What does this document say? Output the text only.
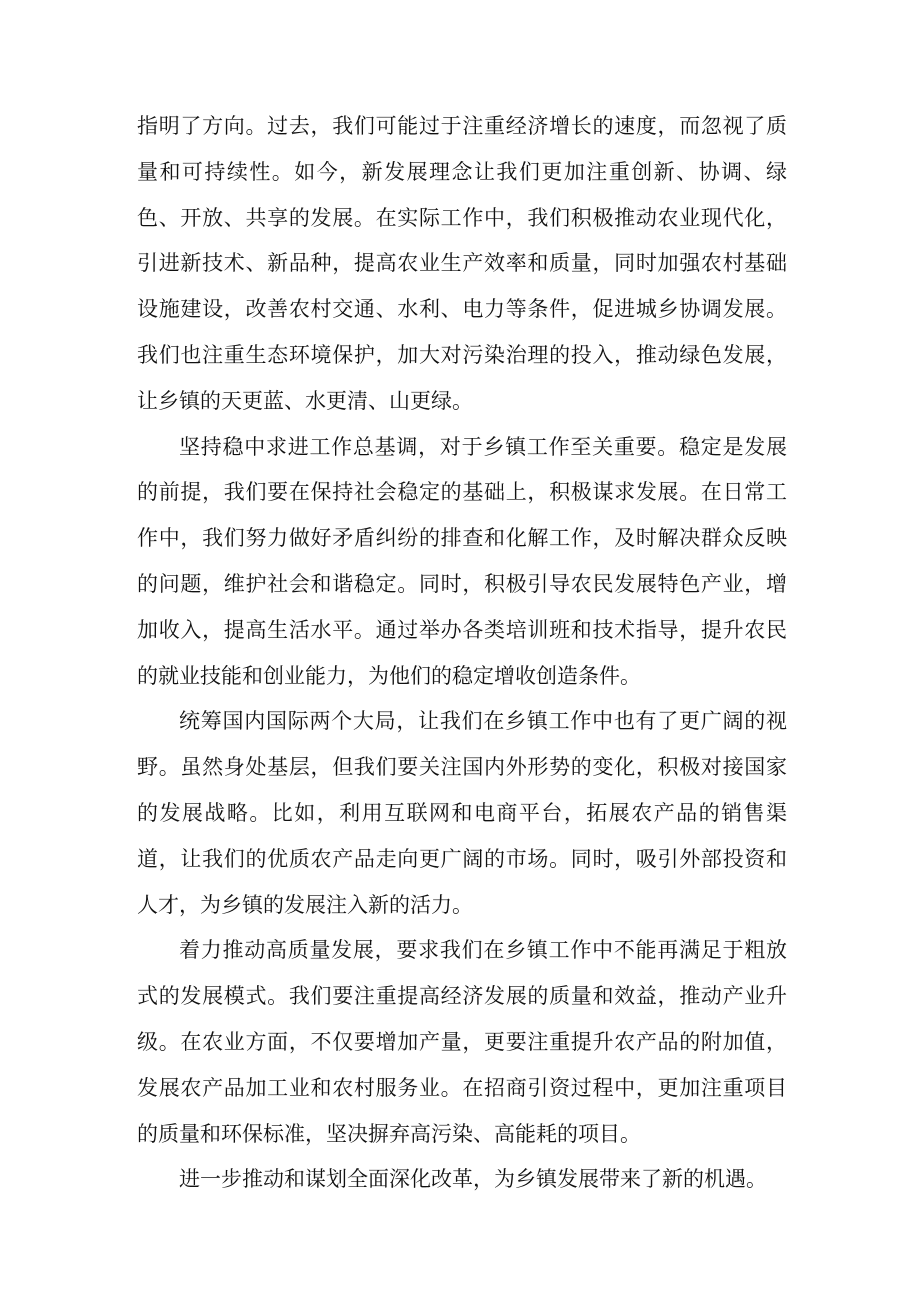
指明了方向。过去，我们可能过于注重经济增长的速度，而忽视了质量和可持续性。如今，新发展理念让我们更加注重创新、协调、绿色、开放、共享的发展。在实际工作中，我们积极推动农业现代化，引进新技术、新品种，提高农业生产效率和质量，同时加强农村基础设施建设，改善农村交通、水利、电力等条件，促进城乡协调发展。我们也注重生态环境保护，加大对污染治理的投入，推动绿色发展，让乡镇的天更蓝、水更清、山更绿。

坚持稳中求进工作总基调，对于乡镇工作至关重要。稳定是发展的前提，我们要在保持社会稳定的基础上，积极谋求发展。在日常工作中，我们努力做好矛盾纠纷的排查和化解工作，及时解决群众反映的问题，维护社会和谐稳定。同时，积极引导农民发展特色产业，增加收入，提高生活水平。通过举办各类培训班和技术指导，提升农民的就业技能和创业能力，为他们的稳定增收创造条件。

统筹国内国际两个大局，让我们在乡镇工作中也有了更广阔的视野。虽然身处基层，但我们要关注国内外形势的变化，积极对接国家的发展战略。比如，利用互联网和电商平台，拓展农产品的销售渠道，让我们的优质农产品走向更广阔的市场。同时，吸引外部投资和人才，为乡镇的发展注入新的活力。

着力推动高质量发展，要求我们在乡镇工作中不能再满足于粗放式的发展模式。我们要注重提高经济发展的质量和效益，推动产业升级。在农业方面，不仅要增加产量，更要注重提升农产品的附加值，发展农产品加工业和农村服务业。在招商引资过程中，更加注重项目的质量和环保标准，坚决摒弃高污染、高能耗的项目。

进一步推动和谋划全面深化改革，为乡镇发展带来了新的机遇。
